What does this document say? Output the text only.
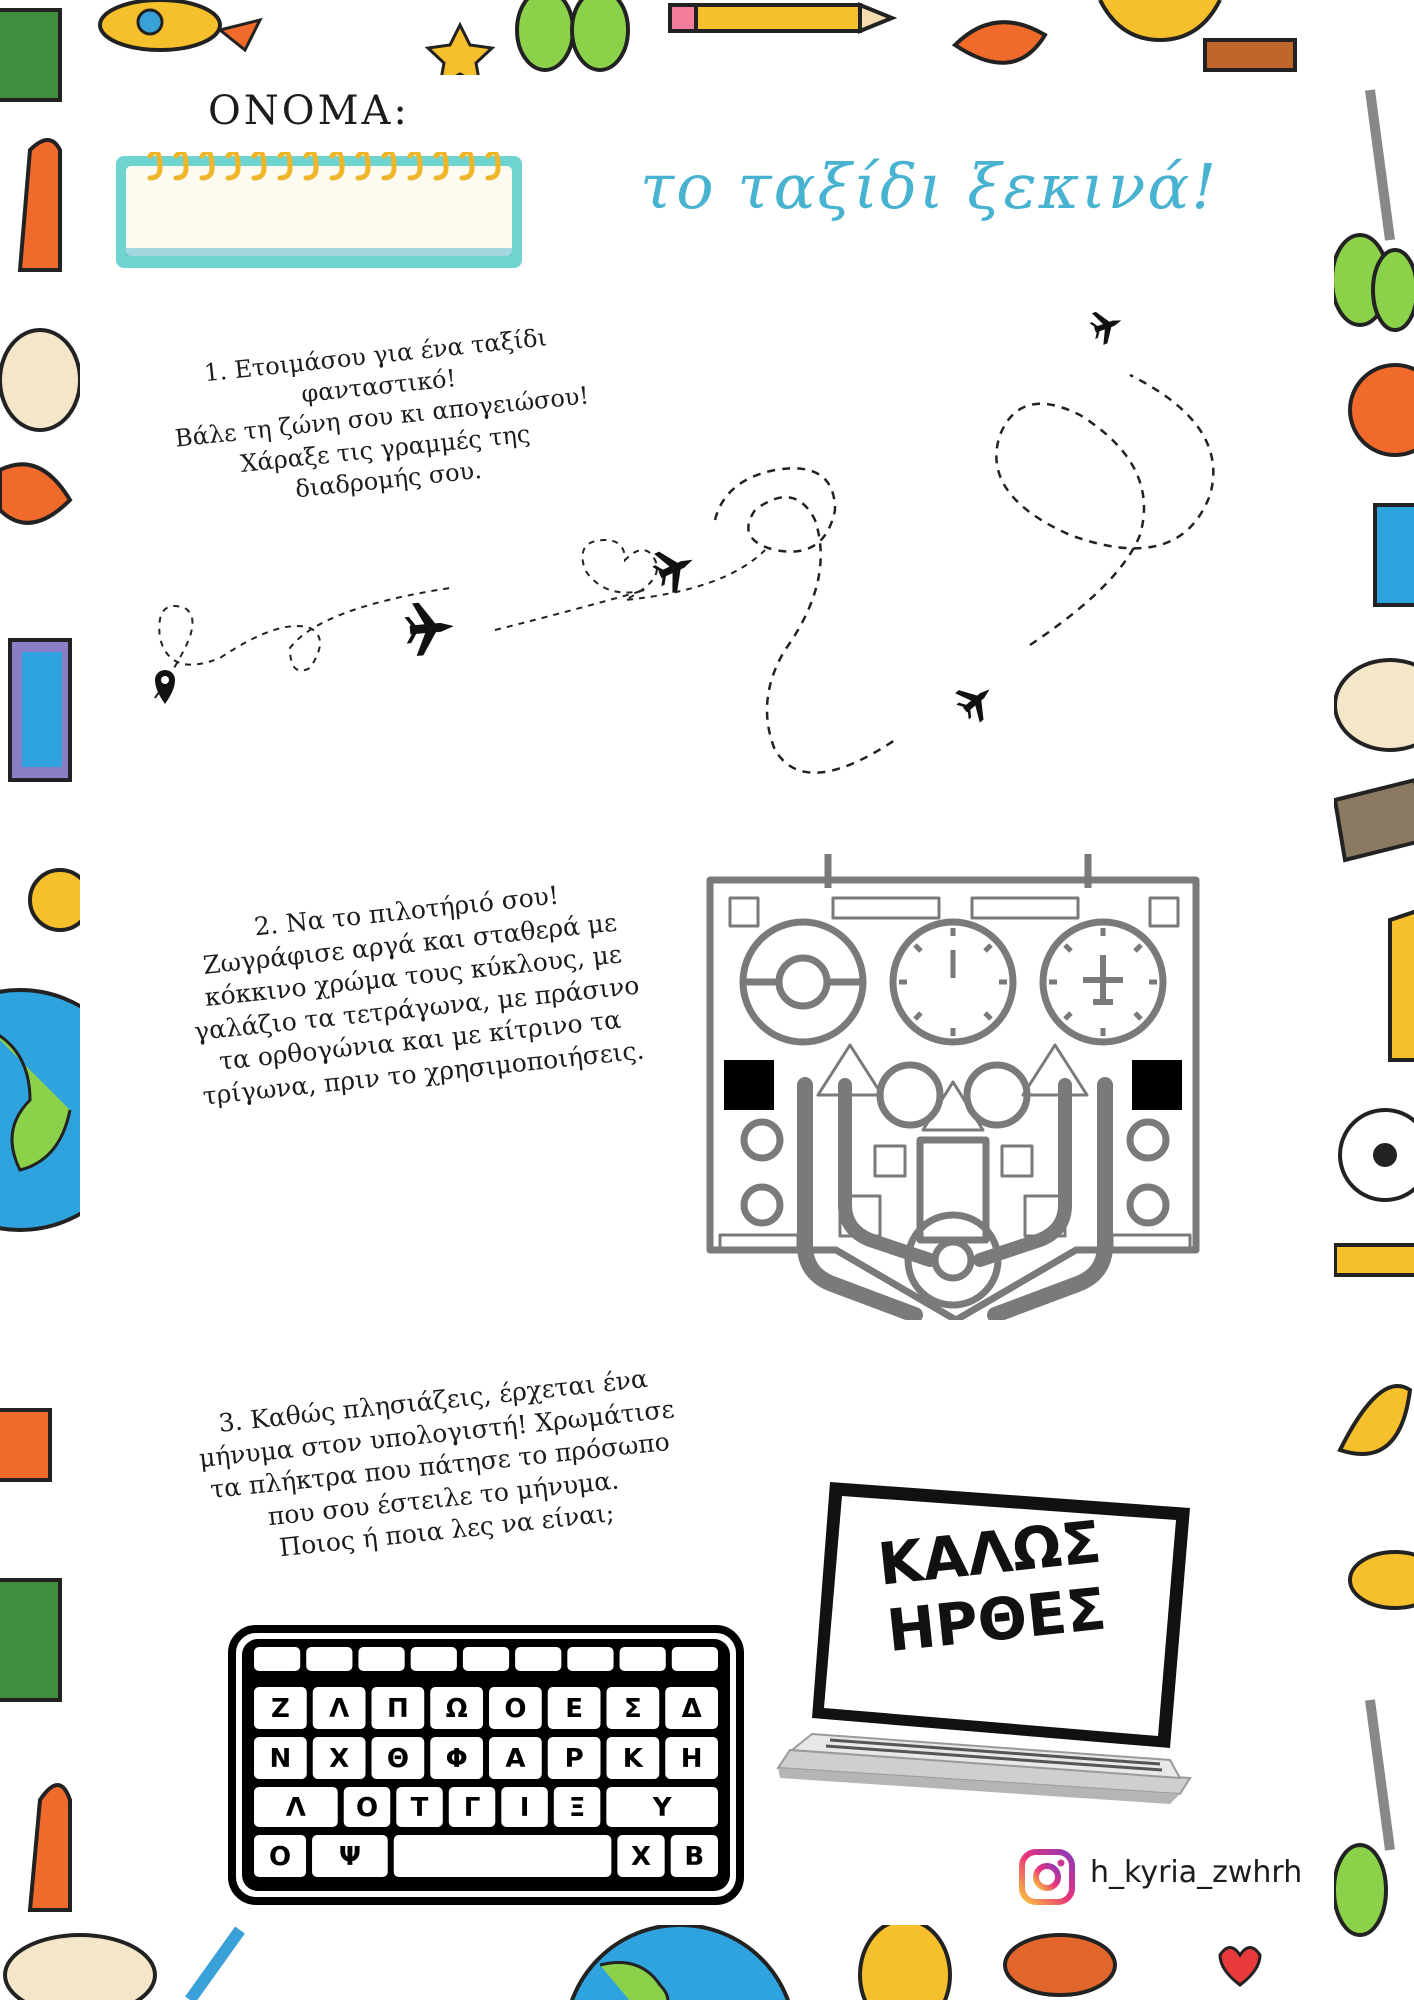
ΟΝΟΜΑ:
το ταξίδι ξεκινά!
1. Ετοιμάσου για ένα ταξίδι
φανταστικό!
Βάλε τη ζώνη σου κι απογειώσου!
Χάραξε τις γραμμές της
διαδρομής σου.
2. Να το πιλοτήριό σου!
Ζωγράφισε αργά και σταθερά με
κόκκινο χρώμα τους κύκλους, με
γαλάζιο τα τετράγωνα, με πράσινο
τα ορθογώνια και με κίτρινο τα
τρίγωνα, πριν το χρησιμοποιήσεις.
3. Καθώς πλησιάζεις, έρχεται ένα
μήνυμα στον υπολογιστή! Χρωμάτισε
τα πλήκτρα που πάτησε το πρόσωπο
που σου έστειλε το μήνυμα.
Ποιος ή ποια λες να είναι;
Z Λ Π Ω Ο Ε Σ Δ
Ν Χ Θ Φ Α Ρ Κ Η
Λ Ο Τ Γ Ι Ξ	Υ
Ο Ψ	Χ Β
ΚΑΛΩΣ
ΗΡΘΕΣ
h_kyria_zwhrh
